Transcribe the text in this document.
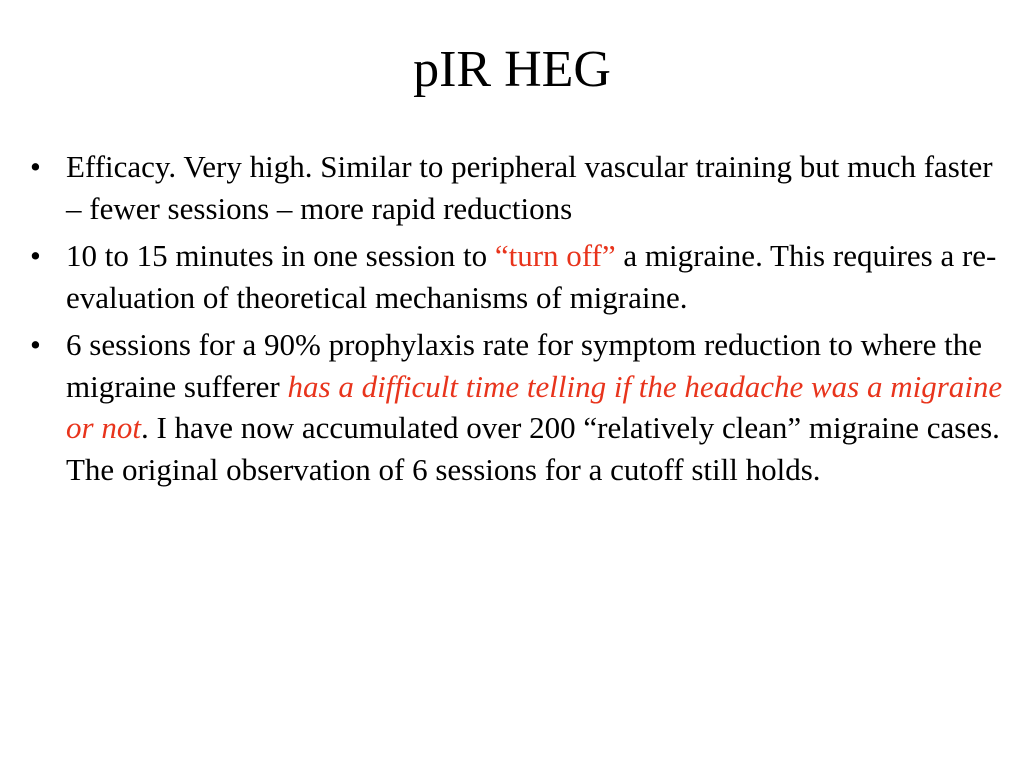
pIR HEG
• Efficacy. Very high. Similar to peripheral vascular training but much faster – fewer sessions – more rapid reductions
• 10 to 15 minutes in one session to “turn off” a migraine. This requires a re-evaluation of theoretical mechanisms of migraine.
• 6 sessions for a 90% prophylaxis rate for symptom reduction to where the migraine sufferer has a difficult time telling if the headache was a migraine or not. I have now accumulated over 200 “relatively clean” migraine cases. The original observation of 6 sessions for a cutoff still holds.
